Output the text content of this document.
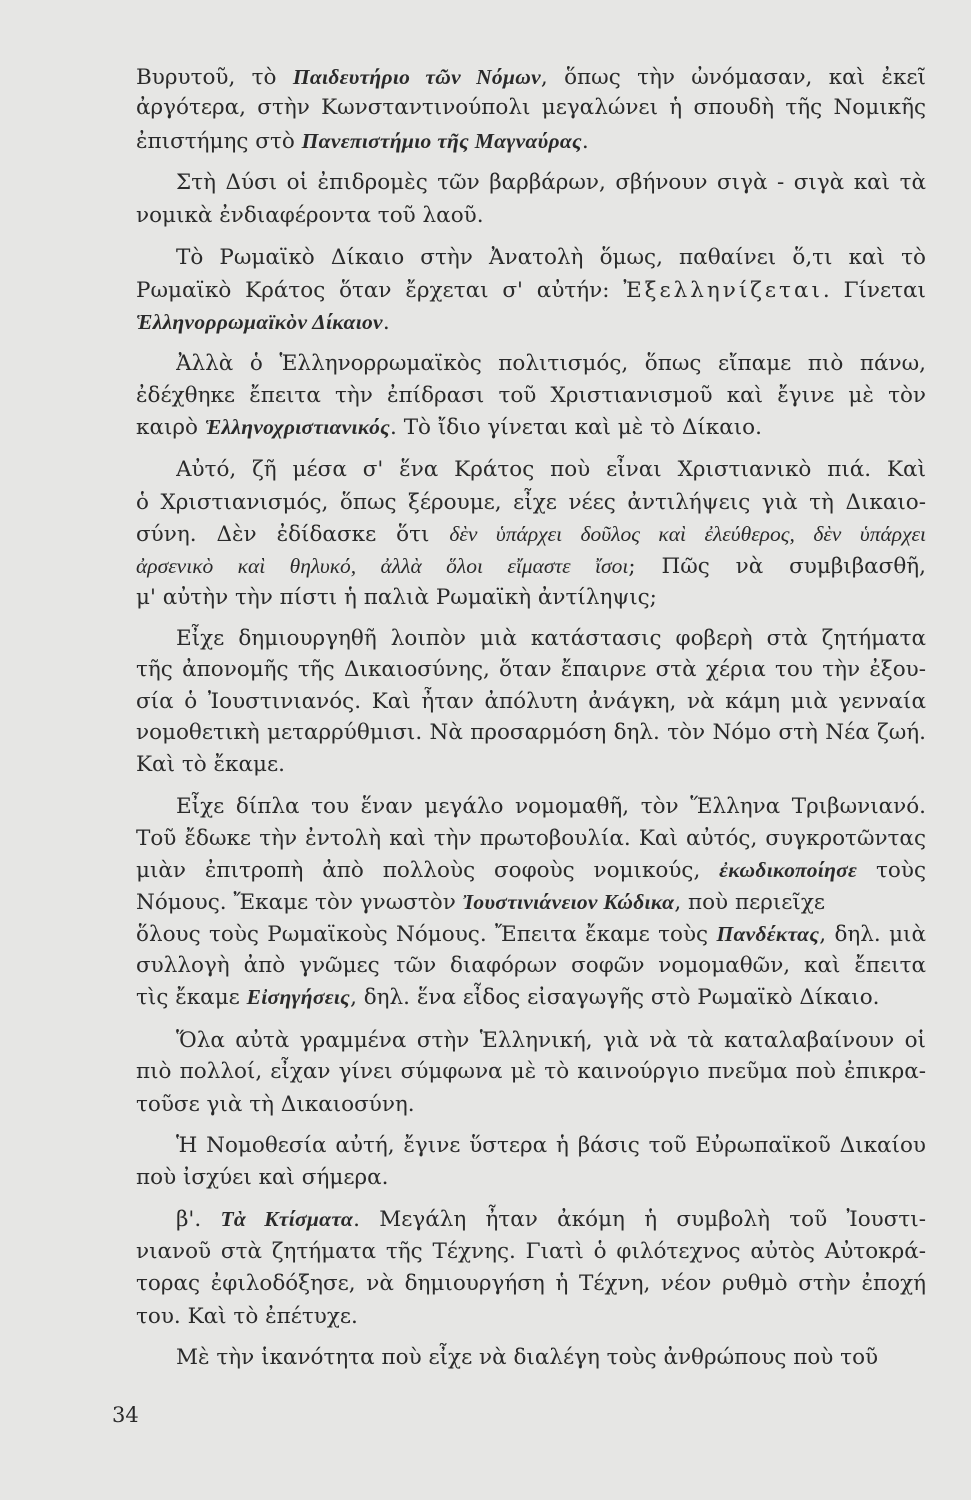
Βυρυτοῦ, τὸ Παιδευτήριο τῶν Νόμων, ὅπως τὴν ὠνόμασαν, καὶ ἐκεῖ
ἀργότερα, στὴν Κωνσταντινούπολι μεγαλώνει ἡ σπουδὴ τῆς Νομικῆς
ἐπιστήμης στὸ Πανεπιστήμιο τῆς Μαγναύρας.
Στὴ Δύσι οἱ ἐπιδρομὲς τῶν βαρβάρων, σβήνουν σιγὰ - σιγὰ καὶ τὰ
νομικὰ ἐνδιαφέροντα τοῦ λαοῦ.
Τὸ Ρωμαϊκὸ Δίκαιο στὴν Ἀνατολὴ ὅμως, παθαίνει ὅ,τι καὶ τὸ
Ρωμαϊκὸ Κράτος ὅταν ἔρχεται σ' αὐτήν: Ἐξελληνίζεται. Γίνεται
Ἑλληνορρωμαϊκὸν Δίκαιον.
Ἀλλὰ ὁ Ἑλληνορρωμαϊκὸς πολιτισμός, ὅπως εἴπαμε πιὸ πάνω,
ἐδέχθηκε ἔπειτα τὴν ἐπίδρασι τοῦ Χριστιανισμοῦ καὶ ἔγινε μὲ τὸν
καιρὸ Ἑλληνοχριστιανικός. Τὸ ἴδιο γίνεται καὶ μὲ τὸ Δίκαιο.
Αὐτό, ζῆ μέσα σ' ἕνα Κράτος ποὺ εἶναι Χριστιανικὸ πιά. Καὶ
ὁ Χριστιανισμός, ὅπως ξέρουμε, εἶχε νέες ἀντιλήψεις γιὰ τὴ Δικαιο-
σύνη. Δὲν ἐδίδασκε ὅτι δὲν ὑπάρχει δοῦλος καὶ ἐλεύθερος, δὲν ὑπάρχει
ἀρσενικὸ καὶ θηλυκό, ἀλλὰ ὅλοι εἴμαστε ἴσοι; Πῶς νὰ συμβιβασθῆ,
μ' αὐτὴν τὴν πίστι ἡ παλιὰ Ρωμαϊκὴ ἀντίληψις;
Εἶχε δημιουργηθῆ λοιπὸν μιὰ κατάστασις φοβερὴ στὰ ζητήματα
τῆς ἀπονομῆς τῆς Δικαιοσύνης, ὅταν ἔπαιρνε στὰ χέρια του τὴν ἐξου-
σία ὁ Ἰουστινιανός. Καὶ ἦταν ἀπόλυτη ἀνάγκη, νὰ κάμη μιὰ γενναία
νομοθετικὴ μεταρρύθμισι. Νὰ προσαρμόση δηλ. τὸν Νόμο στὴ Νέα ζωή.
Καὶ τὸ ἔκαμε.
Εἶχε δίπλα του ἕναν μεγάλο νομομαθῆ, τὸν Ἕλληνα Τριβωνιανό.
Τοῦ ἔδωκε τὴν ἐντολὴ καὶ τὴν πρωτοβουλία. Καὶ αὐτός, συγκροτῶντας
μιὰν ἐπιτροπὴ ἀπὸ πολλοὺς σοφοὺς νομικούς, ἐκωδικοποίησε τοὺς
Νόμους. Ἔκαμε τὸν γνωστὸν Ἰουστινιάνειον Κώδικα, ποὺ περιεῖχε
ὅλους τοὺς Ρωμαϊκοὺς Νόμους. Ἔπειτα ἔκαμε τοὺς Πανδέκτας, δηλ. μιὰ
συλλογὴ ἀπὸ γνῶμες τῶν διαφόρων σοφῶν νομομαθῶν, καὶ ἔπειτα
τὶς ἔκαμε Εἰσηγήσεις, δηλ. ἕνα εἶδος εἰσαγωγῆς στὸ Ρωμαϊκὸ Δίκαιο.
Ὅλα αὐτὰ γραμμένα στὴν Ἑλληνική, γιὰ νὰ τὰ καταλαβαίνουν οἱ
πιὸ πολλοί, εἶχαν γίνει σύμφωνα μὲ τὸ καινούργιο πνεῦμα ποὺ ἐπικρα-
τοῦσε γιὰ τὴ Δικαιοσύνη.
Ἡ Νομοθεσία αὐτή, ἔγινε ὕστερα ἡ βάσις τοῦ Εὐρωπαϊκοῦ Δικαίου
ποὺ ἰσχύει καὶ σήμερα.
β'. Τὰ Κτίσματα. Μεγάλη ἦταν ἀκόμη ἡ συμβολὴ τοῦ Ἰουστι-
νιανοῦ στὰ ζητήματα τῆς Τέχνης. Γιατὶ ὁ φιλότεχνος αὐτὸς Αὐτοκρά-
τορας ἐφιλοδόξησε, νὰ δημιουργήση ἡ Τέχνη, νέον ρυθμὸ στὴν ἐποχή
του. Καὶ τὸ ἐπέτυχε.
Μὲ τὴν ἱκανότητα ποὺ εἶχε νὰ διαλέγη τοὺς ἀνθρώπους ποὺ τοῦ
34
